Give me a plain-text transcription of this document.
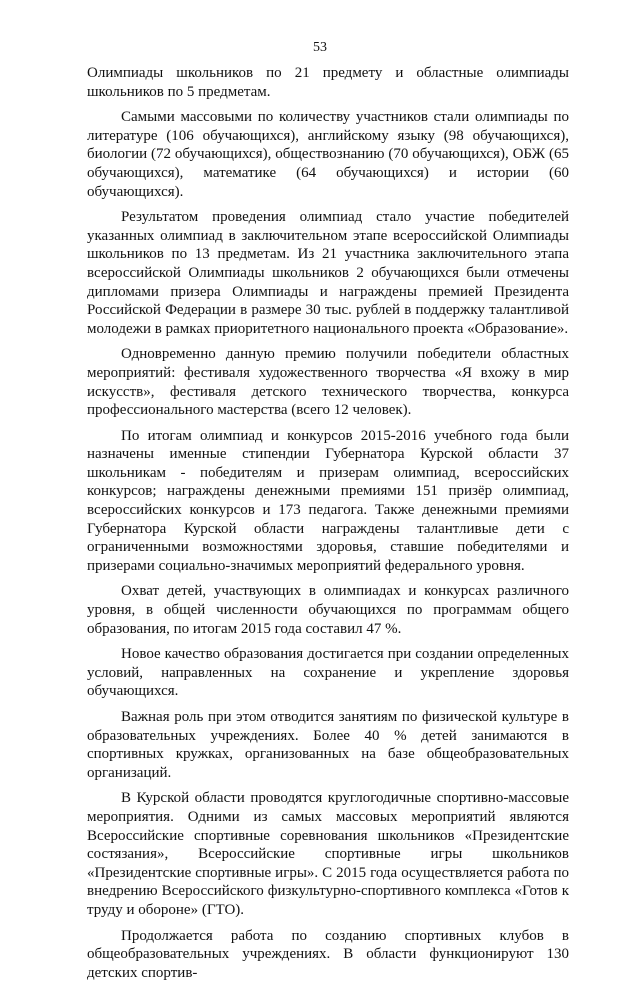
53

Олимпиады школьников по 21 предмету и областные олимпиады школьников по 5 предметам.

Самыми массовыми по количеству участников стали олимпиады по литературе (106 обучающихся), английскому языку (98 обучающихся), биологии (72 обучающихся), обществознанию (70 обучающихся), ОБЖ (65 обучающихся), математике (64 обучающихся) и истории (60 обучающихся).

Результатом проведения олимпиад стало участие победителей указанных олимпиад в заключительном этапе всероссийской Олимпиады школьников по 13 предметам. Из 21 участника заключительного этапа всероссийской Олимпиады школьников 2 обучающихся были отмечены дипломами призера Олимпиады и награждены премией Президента Российской Федерации в размере 30 тыс. рублей в поддержку талантливой молодежи в рамках приоритетного национального проекта «Образование».

Одновременно данную премию получили победители областных мероприятий: фестиваля художественного творчества «Я вхожу в мир искусств», фестиваля детского технического творчества, конкурса профессионального мастерства (всего 12 человек).

По итогам олимпиад и конкурсов 2015-2016 учебного года были назначены именные стипендии Губернатора Курской области 37 школьникам - победителям и призерам олимпиад, всероссийских конкурсов; награждены денежными премиями 151 призёр олимпиад, всероссийских конкурсов и 173 педагога. Также денежными премиями Губернатора Курской области награждены талантливые дети с ограниченными возможностями здоровья, ставшие победителями и призерами социально-значимых мероприятий федерального уровня.

Охват детей, участвующих в олимпиадах и конкурсах различного уровня, в общей численности обучающихся по программам общего образования, по итогам 2015 года составил 47 %.

Новое качество образования достигается при создании определенных условий, направленных на сохранение и укрепление здоровья обучающихся.

Важная роль при этом отводится занятиям по физической культуре в образовательных учреждениях. Более 40 % детей занимаются в спортивных кружках, организованных на базе общеобразовательных организаций.

В Курской области проводятся круглогодичные спортивно-массовые мероприятия. Одними из самых массовых мероприятий являются Всероссийские спортивные соревнования школьников «Президентские состязания», Всероссийские спортивные игры школьников «Президентские спортивные игры». С 2015 года осуществляется работа по внедрению Всероссийского физкультурно-спортивного комплекса «Готов к труду и обороне» (ГТО).

Продолжается работа по созданию спортивных клубов в общеобразовательных учреждениях. В области функционируют 130 детских спортив-
